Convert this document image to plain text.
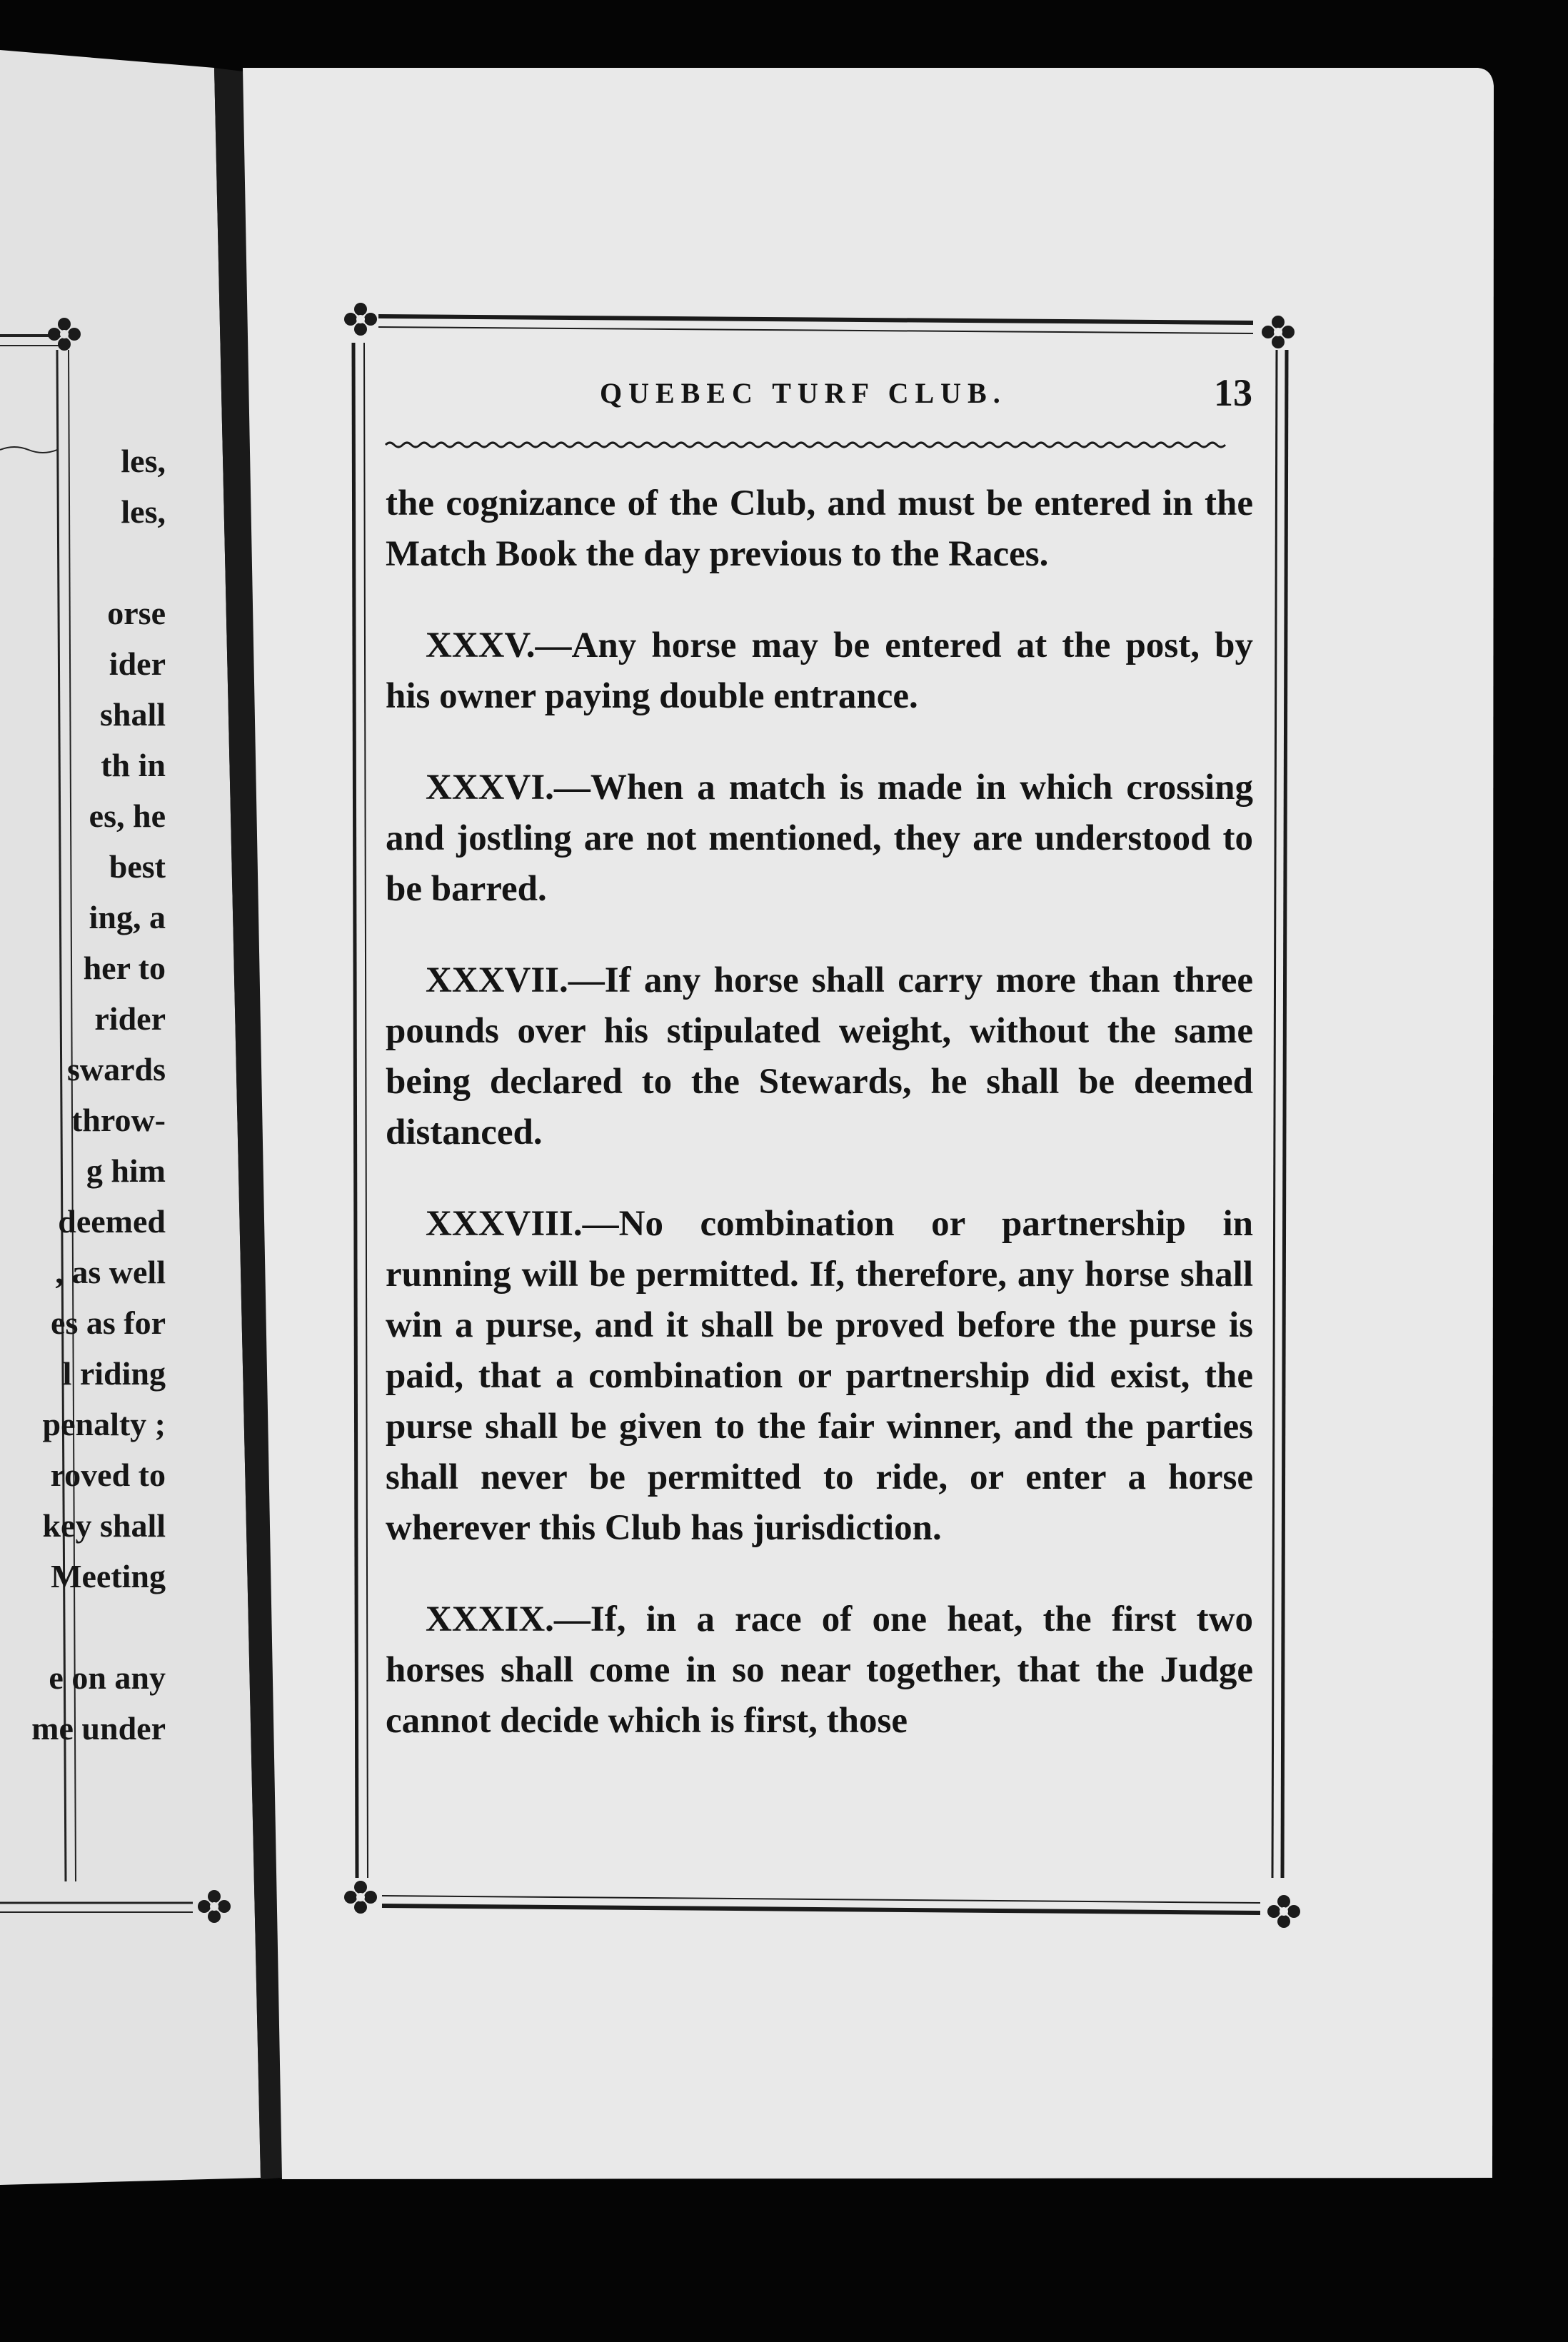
les,
les,
orse
ider
shall
th in
es, he
best
ing, a
her to
rider
swards
throw-
g him
deemed
, as well
es as for
l riding
penalty ;
roved to
key shall
Meeting
e on any
me under
QUEBEC TURF CLUB.	13

the cognizance of the Club, and must be entered in the Match Book the day previous to the Races.

XXXV.—Any horse may be entered at the post, by his owner paying double entrance.

XXXVI.—When a match is made in which crossing and jostling are not mentioned, they are understood to be barred.

XXXVII.—If any horse shall carry more than three pounds over his stipulated weight, without the same being declared to the Stewards, he shall be deemed distanced.

XXXVIII.—No combination or partnership in running will be permitted. If, therefore, any horse shall win a purse, and it shall be proved before the purse is paid, that a combination or partnership did exist, the purse shall be given to the fair winner, and the parties shall never be permitted to ride, or enter a horse wherever this Club has jurisdiction.

XXXIX.—If, in a race of one heat, the first two horses shall come in so near together, that the Judge cannot decide which is first, those
